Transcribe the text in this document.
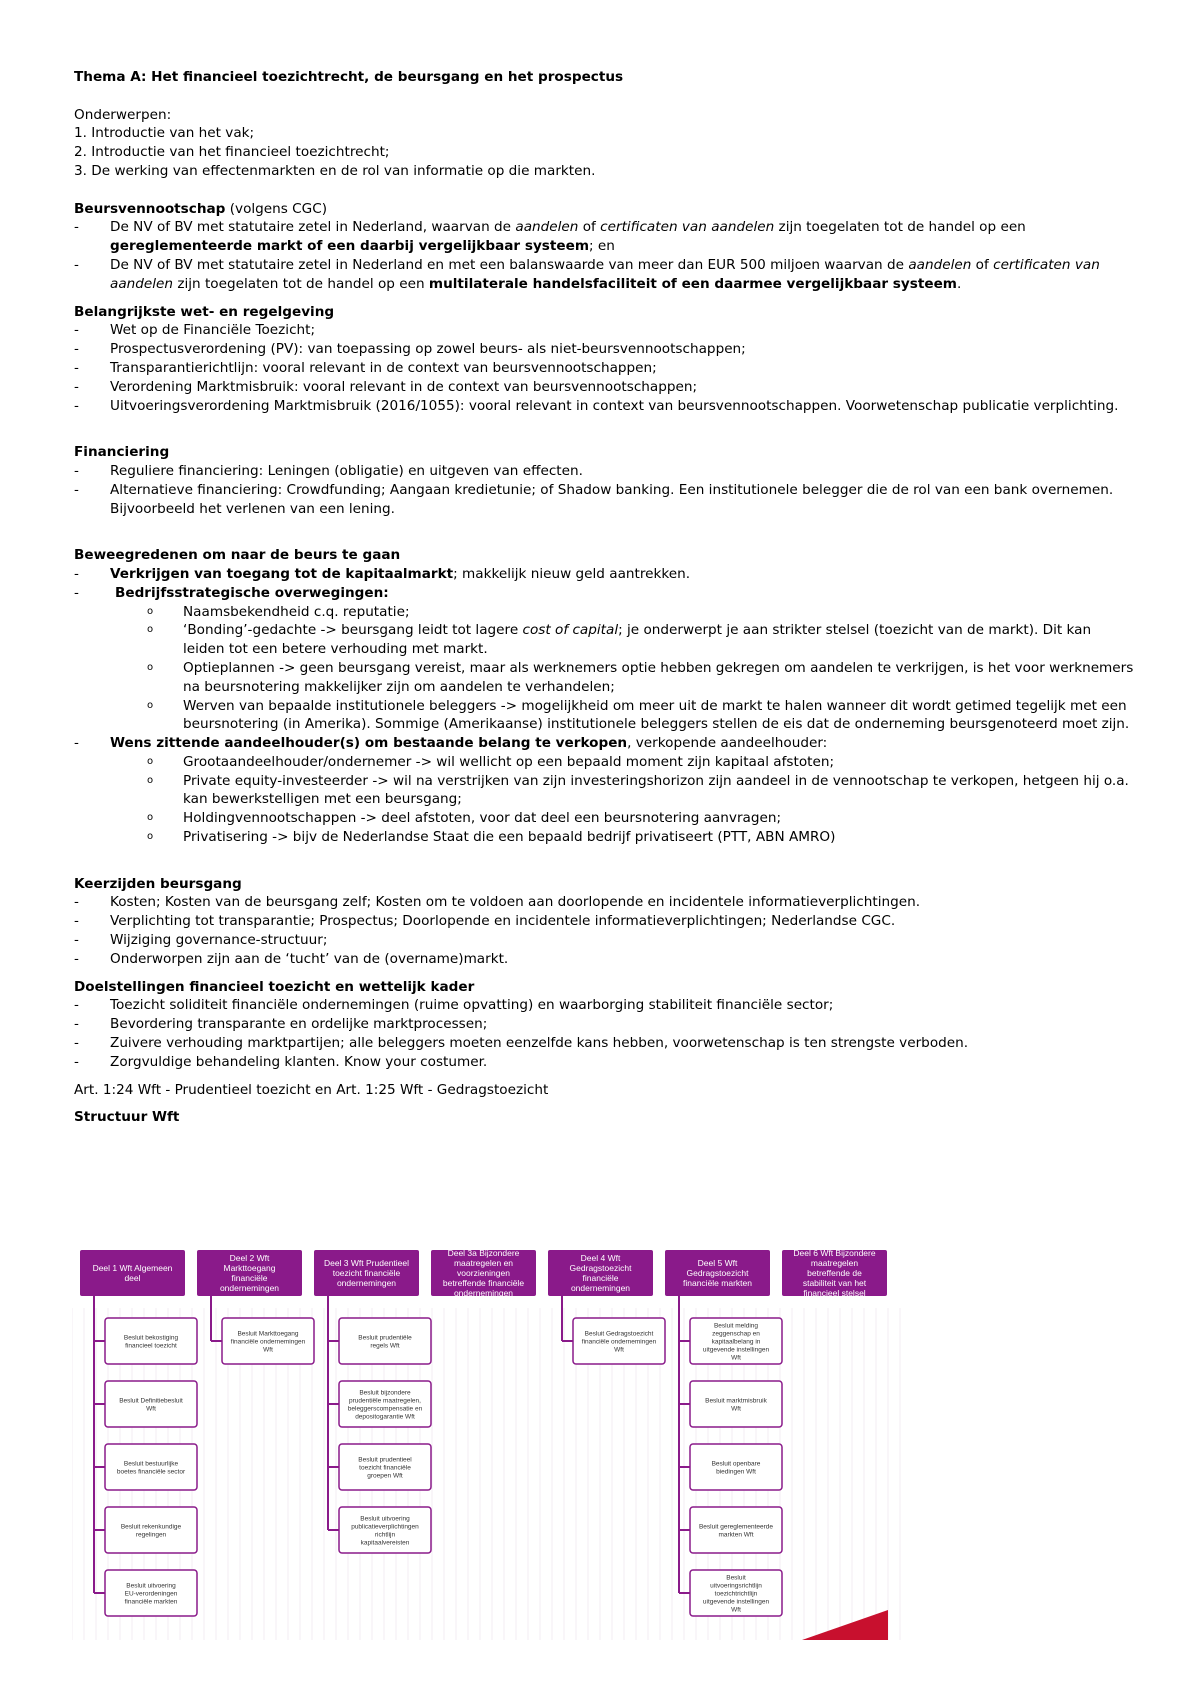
Thema A: Het financieel toezichtrecht, de beursgang en het prospectus
Onderwerpen:
1. Introductie van het vak;
2. Introductie van het financieel toezichtrecht;
3. De werking van effectenmarkten en de rol van informatie op die markten.
Beursvennootschap (volgens CGC)
- De NV of BV met statutaire zetel in Nederland, waarvan de aandelen of certificaten van aandelen zijn toegelaten tot de handel op een gereglementeerde markt of een daarbij vergelijkbaar systeem; en
- De NV of BV met statutaire zetel in Nederland en met een balanswaarde van meer dan EUR 500 miljoen waarvan de aandelen of certificaten van aandelen zijn toegelaten tot de handel op een multilaterale handelsfaciliteit of een daarmee vergelijkbaar systeem.
Belangrijkste wet- en regelgeving
- Wet op de Financiële Toezicht;
- Prospectusverordening (PV): van toepassing op zowel beurs- als niet-beursvennootschappen;
- Transparantierichtlijn: vooral relevant in de context van beursvennootschappen;
- Verordening Marktmisbruik: vooral relevant in de context van beursvennootschappen;
- Uitvoeringsverordening Marktmisbruik (2016/1055): vooral relevant in context van beursvennootschappen. Voorwetenschap publicatie verplichting.
Financiering
- Reguliere financiering: Leningen (obligatie) en uitgeven van effecten.
- Alternatieve financiering: Crowdfunding; Aangaan kredietunie; of Shadow banking. Een institutionele belegger die de rol van een bank overnemen. Bijvoorbeeld het verlenen van een lening.
Beweegredenen om naar de beurs te gaan
- Verkrijgen van toegang tot de kapitaalmarkt; makkelijk nieuw geld aantrekken.
- Bedrijfsstrategische overwegingen:
o Naamsbekendheid c.q. reputatie;
o ‘Bonding’-gedachte -> beursgang leidt tot lagere cost of capital; je onderwerpt je aan strikter stelsel (toezicht van de markt). Dit kan leiden tot een betere verhouding met markt.
o Optieplannen -> geen beursgang vereist, maar als werknemers optie hebben gekregen om aandelen te verkrijgen, is het voor werknemers na beursnotering makkelijker zijn om aandelen te verhandelen;
o Werven van bepaalde institutionele beleggers -> mogelijkheid om meer uit de markt te halen wanneer dit wordt getimed tegelijk met een beursnotering (in Amerika). Sommige (Amerikaanse) institutionele beleggers stellen de eis dat de onderneming beursgenoteerd moet zijn.
- Wens zittende aandeelhouder(s) om bestaande belang te verkopen, verkopende aandeelhouder:
o Grootaandeelhouder/ondernemer -> wil wellicht op een bepaald moment zijn kapitaal afstoten;
o Private equity-investeerder -> wil na verstrijken van zijn investeringshorizon zijn aandeel in de vennootschap te verkopen, hetgeen hij o.a. kan bewerkstelligen met een beursgang;
o Holdingvennootschappen -> deel afstoten, voor dat deel een beursnotering aanvragen;
o Privatisering -> bijv de Nederlandse Staat die een bepaald bedrijf privatiseert (PTT, ABN AMRO)
Keerzijden beursgang
- Kosten; Kosten van de beursgang zelf; Kosten om te voldoen aan doorlopende en incidentele informatieverplichtingen.
- Verplichting tot transparantie; Prospectus; Doorlopende en incidentele informatieverplichtingen; Nederlandse CGC.
- Wijziging governance-structuur;
- Onderworpen zijn aan de ‘tucht’ van de (overname)markt.
Doelstellingen financieel toezicht en wettelijk kader
- Toezicht soliditeit financiële ondernemingen (ruime opvatting) en waarborging stabiliteit financiële sector;
- Bevordering transparante en ordelijke marktprocessen;
- Zuivere verhouding marktpartijen; alle beleggers moeten eenzelfde kans hebben, voorwetenschap is ten strengste verboden.
- Zorgvuldige behandeling klanten. Know your costumer.
Art. 1:24 Wft - Prudentieel toezicht en Art. 1:25 Wft - Gedragstoezicht
Structuur Wft
Deel 1 Wft Algemeen deel
Besluit bekostiging financieel toezicht
Besluit Definitiebesluit Wft
Besluit bestuurlijke boetes financiële sector
Besluit rekenkundige regelingen
Besluit uitvoering EU-verordeningen financiële markten
Deel 2 Wft Markttoegang financiële ondernemingen
Besluit Markttoegang financiële ondernemingen Wft
Deel 3 Wft Prudentieel toezicht financiële ondernemingen
Besluit prudentiële regels Wft
Besluit bijzondere prudentiële maatregelen, beleggerscompensatie en depositogarantie Wft
Besluit prudentieel toezicht financiële groepen Wft
Besluit uitvoering publicatieverplichtingen richtlijn kapitaalvereisten
Deel 3a Bijzondere maatregelen en voorzieningen betreffende financiële ondernemingen
Deel 4 Wft Gedragstoezicht financiële ondernemingen
Besluit Gedragstoezicht financiële ondernemingen Wft
Deel 5 Wft Gedragstoezicht financiële markten
Besluit melding zeggenschap en kapitaalbelang in uitgevende instellingen Wft
Besluit marktmisbruik Wft
Besluit openbare biedingen Wft
Besluit gereglementeerde markten Wft
Besluit uitvoeringsrichtlijn toezichtrichtlijn uitgevende instellingen Wft
Deel 6 Wft Bijzondere maatregelen betreffende de stabiliteit van het financieel stelsel
